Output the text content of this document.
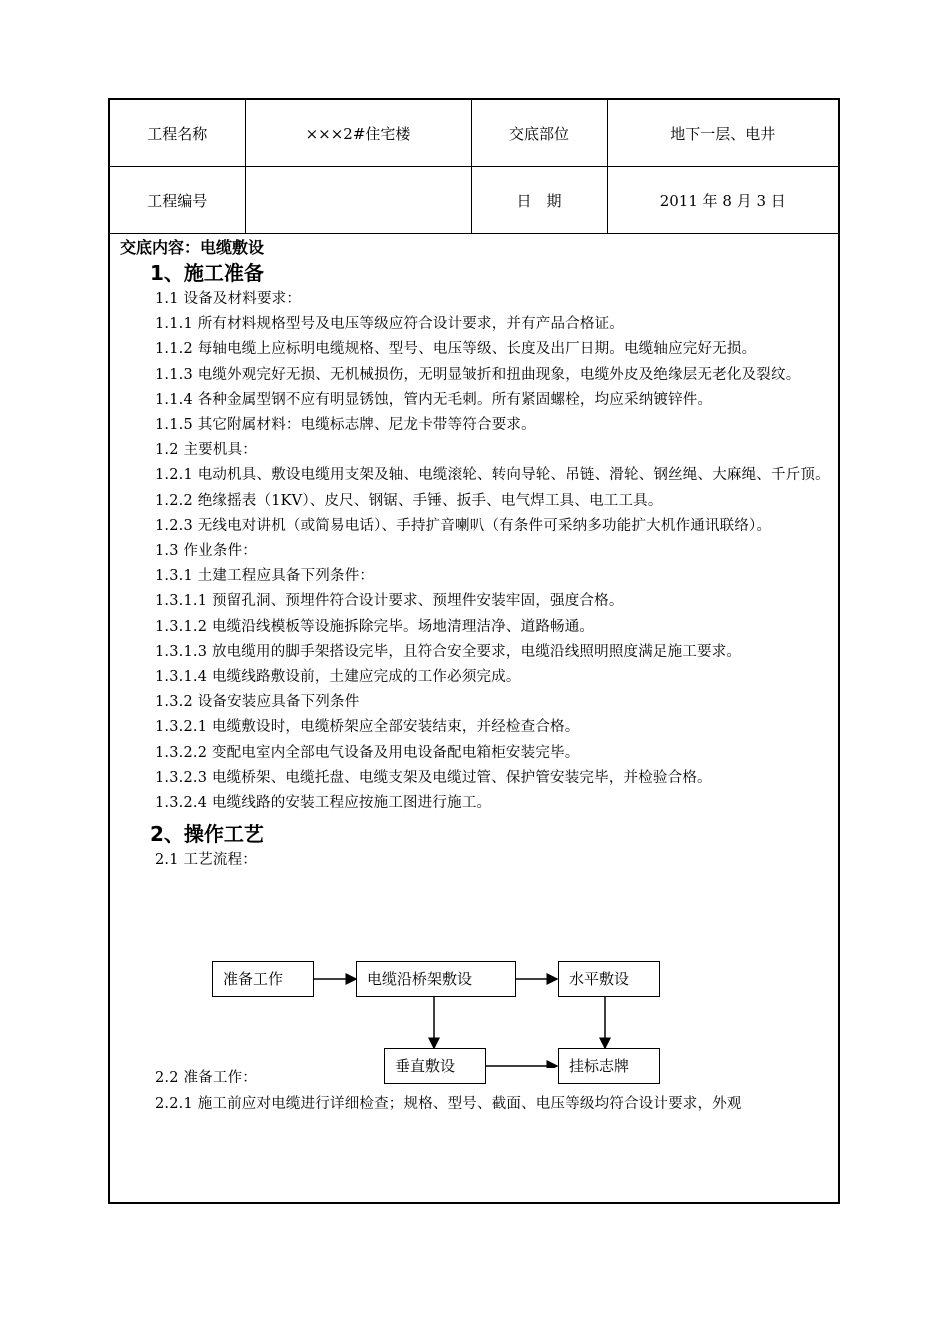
工程名称	×××2#住宅楼	交底部位	地下一层、电井
工程编号		日　期	2011 年 8 月 3 日
交底内容：电缆敷设
1、施工准备
1.1 设备及材料要求：
1.1.1 所有材料规格型号及电压等级应符合设计要求，并有产品合格证。
1.1.2 每轴电缆上应标明电缆规格、型号、电压等级、长度及出厂日期。电缆轴应完好无损。
1.1.3 电缆外观完好无损、无机械损伤，无明显皱折和扭曲现象，电缆外皮及绝缘层无老化及裂纹。
1.1.4 各种金属型钢不应有明显锈蚀，管内无毛刺。所有紧固螺栓，均应采纳镀锌件。
1.1.5 其它附属材料：电缆标志牌、尼龙卡带等符合要求。
1.2 主要机具：
1.2.1 电动机具、敷设电缆用支架及轴、电缆滚轮、转向导轮、吊链、滑轮、钢丝绳、大麻绳、千斤顶。
1.2.2 绝缘摇表（1KV）、皮尺、钢锯、手锤、扳手、电气焊工具、电工工具。
1.2.3 无线电对讲机（或简易电话）、手持扩音喇叭（有条件可采纳多功能扩大机作通讯联络）。
1.3 作业条件：
1.3.1 土建工程应具备下列条件：
1.3.1.1 预留孔洞、预埋件符合设计要求、预埋件安装牢固，强度合格。
1.3.1.2 电缆沿线模板等设施拆除完毕。场地清理洁净、道路畅通。
1.3.1.3 放电缆用的脚手架搭设完毕，且符合安全要求，电缆沿线照明照度满足施工要求。
1.3.1.4 电缆线路敷设前，土建应完成的工作必须完成。
1.3.2 设备安装应具备下列条件
1.3.2.1 电缆敷设时，电缆桥架应全部安装结束，并经检查合格。
1.3.2.2 变配电室内全部电气设备及用电设备配电箱柜安装完毕。
1.3.2.3 电缆桥架、电缆托盘、电缆支架及电缆过管、保护管安装完毕，并检验合格。
1.3.2.4 电缆线路的安装工程应按施工图进行施工。
2、操作工艺
2.1 工艺流程：
准备工作	电缆沿桥架敷设	水平敷设
垂直敷设	挂标志牌
2.2 准备工作：
2.2.1 施工前应对电缆进行详细检查；规格、型号、截面、电压等级均符合设计要求，外观
